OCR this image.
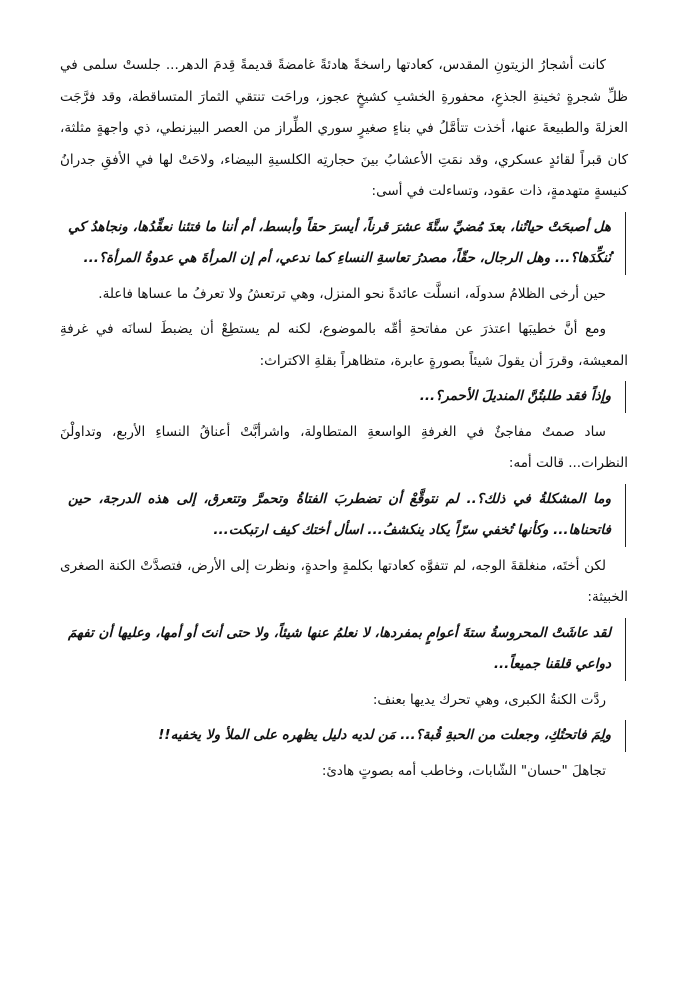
كانت أشجارُ الزيتونِ المقدس، كعادتها راسخةً هادئةً غامضةً قديمةً قِدمَ الدهر... جلستْ سلمى في ظلِّ شجرةٍ ثخينةِ الجذعِ، محفورةِ الخشبِ كشيخٍ عجوز، وراحَت تنتقي الثمارَ المتساقطة، وقد فرَّجَت العزلةَ والطبيعةَ عنها، أخذت تتأمَّلُ في بناءٍ صغيرٍ سوري الطِّراز من العصر البيزنطي، ذي واجهةٍ مثلثة، كان قبراً لقائدٍ عسكري، وقد نمَتِ الأعشابُ بينَ حجارتِه الكلسيةِ البيضاء، ولاحَتْ لها في الأفقِ جدرانُ كنيسةٍ متهدمةٍ، ذات عقود، وتساءلت في أسى:

هل أصبحَتْ حياتُنا، بعدَ مُضيِّ ستَّةَ عشرَ قرناً، أيسرَ حقاً وأبسط، أم أننا ما فتئنا نعقِّدُها، ونجاهدُ كي نُنكِّدَها؟... وهل الرجال، حقّاً، مصدرُ تعاسةِ النساءِ كما ندعي، أم إن المرأةَ هي عدوةُ المرأة؟...

حين أرخى الظلامُ سدولَه، انسلَّت عائدةً نحو المنزل، وهي ترتعشُ ولا تعرفُ ما عساها فاعلة.

ومع أنَّ خطيبَها اعتذرَ عن مفاتحةِ أمِّه بالموضوع، لكنه لم يستطِعْ أن يضبطَ لسانَه في غرفةِ المعيشة، وقررَ أن يقولَ شيئاً بصورةٍ عابرة، متظاهراً بقلةِ الاكتراث:

وإذاً فقد طلبتُنَّ المنديلَ الأحمر؟...

ساد صمتٌ مفاجئٌ في الغرفةِ الواسعةِ المتطاولة، واشرأبَّتْ أعناقُ النساءِ الأربع، وتداولْنَ النظرات... قالت أمه:

وما المشكلةُ في ذلك؟.. لم نتوقَّعْ أن تضطربَ الفتاةُ وتحمرَّ وتتعرق، إلى هذه الدرجة، حين فاتحناها... وكأنها تُخفي سرّاً يكاد ينكشفُ... اسأل أختك كيف ارتبكت...

لكن أختَه، منغلقةَ الوجه، لم تتفوَّه كعادتها بكلمةٍ واحدةٍ، ونظرت إلى الأرض، فتصدَّتْ الكنة الصغرى الخبيثة:

لقد عاشَتْ المحروسةُ ستةَ أعوامٍ بمفردها، لا نعلمُ عنها شيئاً، ولا حتى أنتَ أو أمها، وعليها أن تفهمَ دواعي قلقنا جميعاً...

ردَّت الكنةُ الكبرى، وهي تحرك يديها بعنف:

ولِمَ فاتحتُكِ، وجعلت من الحبةِ قُبة؟... مَن لديه دليل يظهره على الملأ ولا يخفيه!!

تجاهلَ "حسان" الشّابات، وخاطب أمه بصوتٍ هادئ:
